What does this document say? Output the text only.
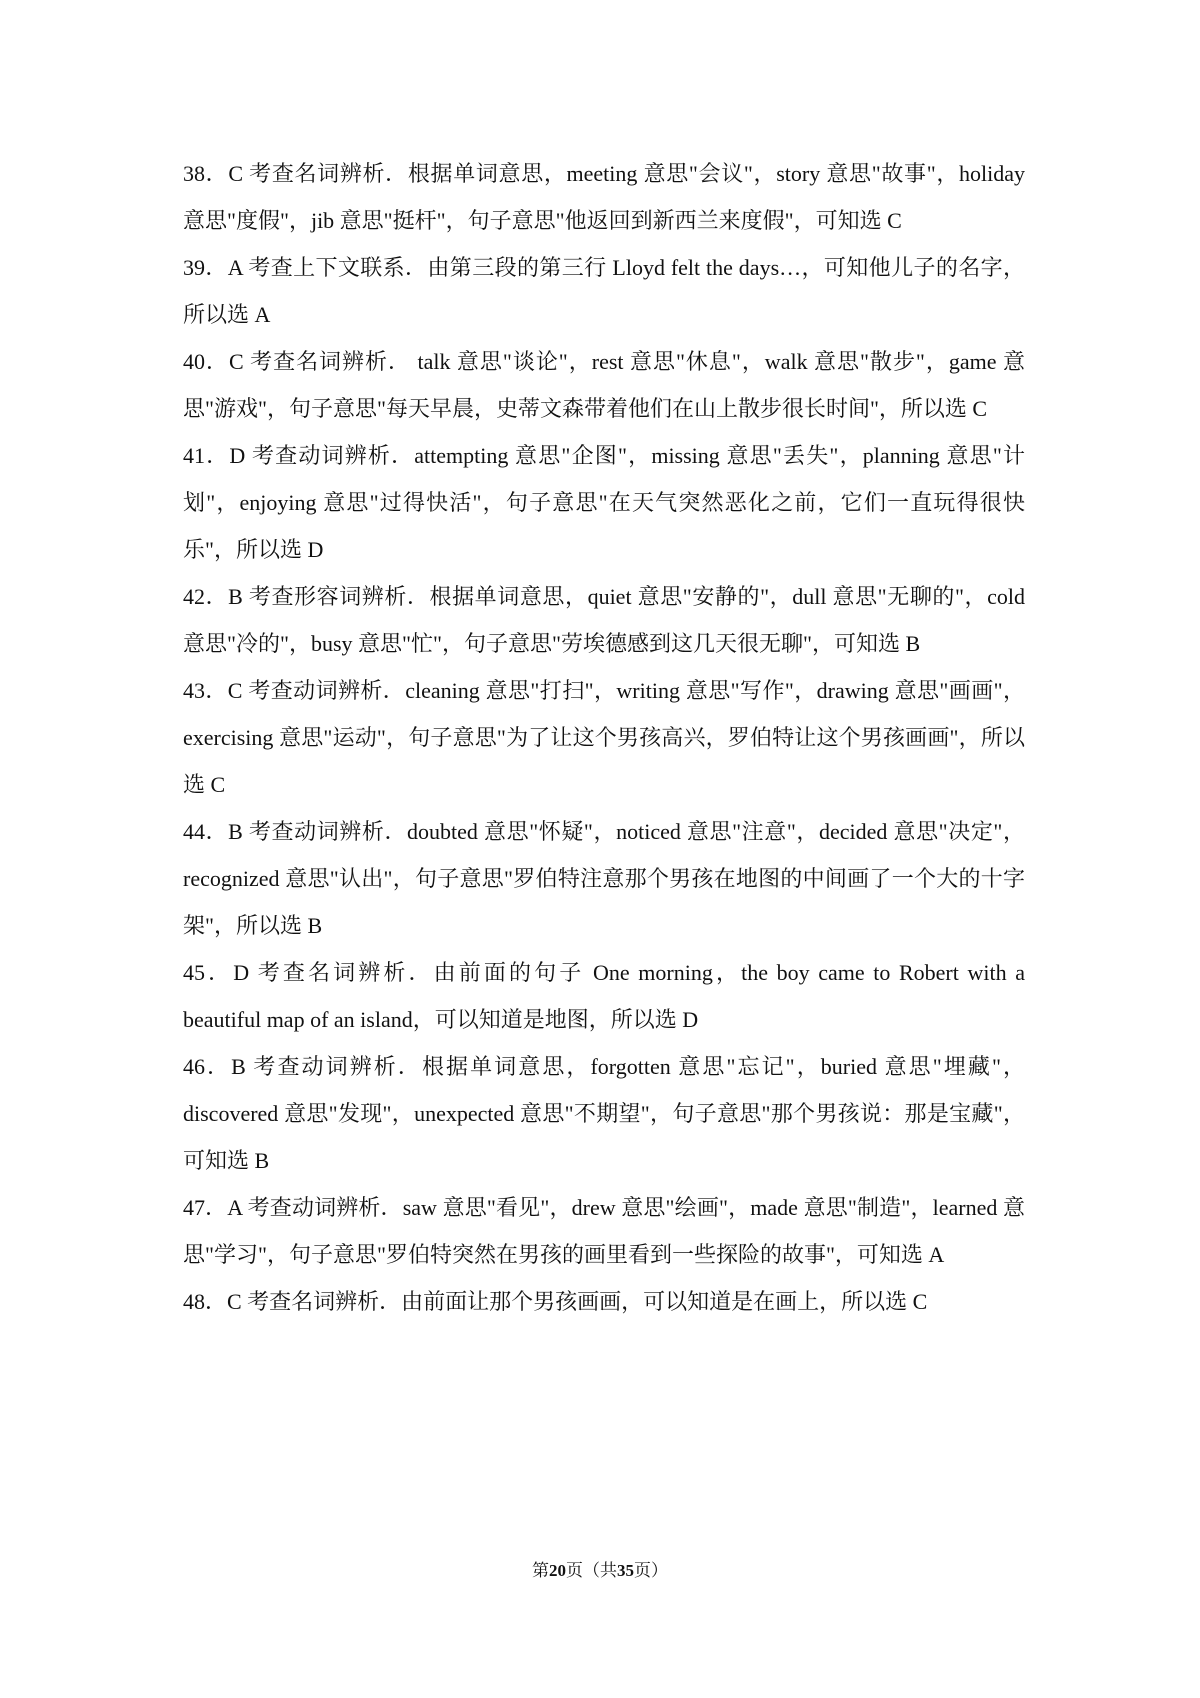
38．C 考查名词辨析．根据单词意思，meeting 意思"会议"，story 意思"故事"，holiday 意思"度假"，jib 意思"挺杆"，句子意思"他返回到新西兰来度假"，可知选 C

39．A 考查上下文联系．由第三段的第三行 Lloyd felt the days…，可知他儿子的名字，所以选 A

40．C 考查名词辨析． talk 意思"谈论"，rest 意思"休息"，walk 意思"散步"，game 意思"游戏"，句子意思"每天早晨，史蒂文森带着他们在山上散步很长时间"，所以选 C

41．D 考查动词辨析．attempting 意思"企图"，missing 意思"丢失"，planning 意思"计划"，enjoying 意思"过得快活"，句子意思"在天气突然恶化之前，它们一直玩得很快乐"，所以选 D

42．B 考查形容词辨析．根据单词意思，quiet 意思"安静的"，dull 意思"无聊的"，cold 意思"冷的"，busy 意思"忙"，句子意思"劳埃德感到这几天很无聊"，可知选 B

43．C 考查动词辨析．cleaning 意思"打扫"，writing 意思"写作"，drawing 意思"画画"，exercising 意思"运动"，句子意思"为了让这个男孩高兴，罗伯特让这个男孩画画"，所以选 C

44．B 考查动词辨析．doubted 意思"怀疑"，noticed 意思"注意"，decided 意思"决定"，recognized 意思"认出"，句子意思"罗伯特注意那个男孩在地图的中间画了一个大的十字架"，所以选 B

45．D 考查名词辨析．由前面的句子 One morning，the boy came to Robert with a beautiful map of an island，可以知道是地图，所以选 D

46．B 考查动词辨析．根据单词意思，forgotten 意思"忘记"，buried 意思"埋藏"，discovered 意思"发现"，unexpected 意思"不期望"，句子意思"那个男孩说：那是宝藏"，可知选 B

47．A 考查动词辨析．saw 意思"看见"，drew 意思"绘画"，made 意思"制造"，learned 意思"学习"，句子意思"罗伯特突然在男孩的画里看到一些探险的故事"，可知选 A

48．C 考查名词辨析．由前面让那个男孩画画，可以知道是在画上，所以选 C

第20页（共35页）
